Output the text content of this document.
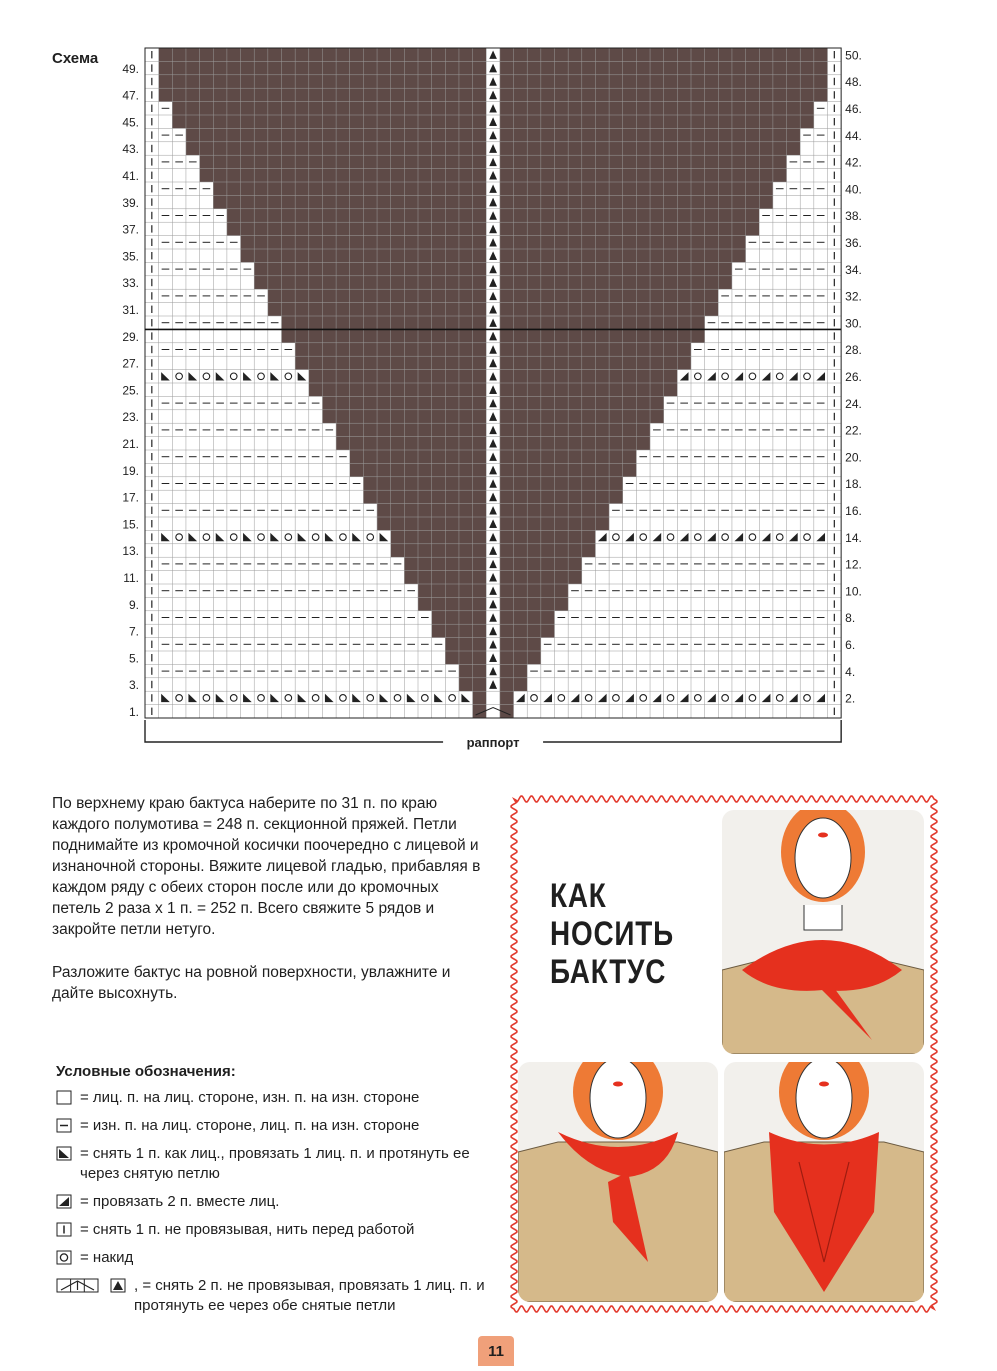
Схема
49.
47.
45.
43.
41.
39.
37.
35.
33.
31.
29.
27.
25.
23.
21.
19.
17.
15.
13.
11.
9.
7.
5.
3.
1.
50.
48.
46.
44.
42.
40.
38.
36.
34.
32.
30.
28.
26.
24.
22.
20.
18.
16.
14.
12.
10.
8.
6.
4.
2.
раппорт

По верхнему краю бактуса наберите по 31 п. по краю каждого полумотива = 248 п. секционной пряжей. Петли поднимайте из кромочной косички поочередно с лицевой и изнаночной стороны. Вяжите лицевой гладью, прибавляя в каждом ряду с обеих сторон после или до кромочных петель 2 раза х 1 п. = 252 п. Всего свяжите 5 рядов и закройте петли нетуго.

Разложите бактус на ровной поверхности, увлажните и дайте высохнуть.

Условные обозначения:
= лиц. п. на лиц. стороне, изн. п. на изн. стороне
= изн. п. на лиц. стороне, лиц. п. на изн. стороне
= снять 1 п. как лиц., провязать 1 лиц. п. и протянуть ее через снятую петлю
= провязать 2 п. вместе лиц.
= снять 1 п. не провязывая, нить перед работой
= накид
, = снять 2 п. не провязывая, провязать 1 лиц. п. и протянуть ее через обе снятые петли
КАК
НОСИТЬ
БАКТУС
11
